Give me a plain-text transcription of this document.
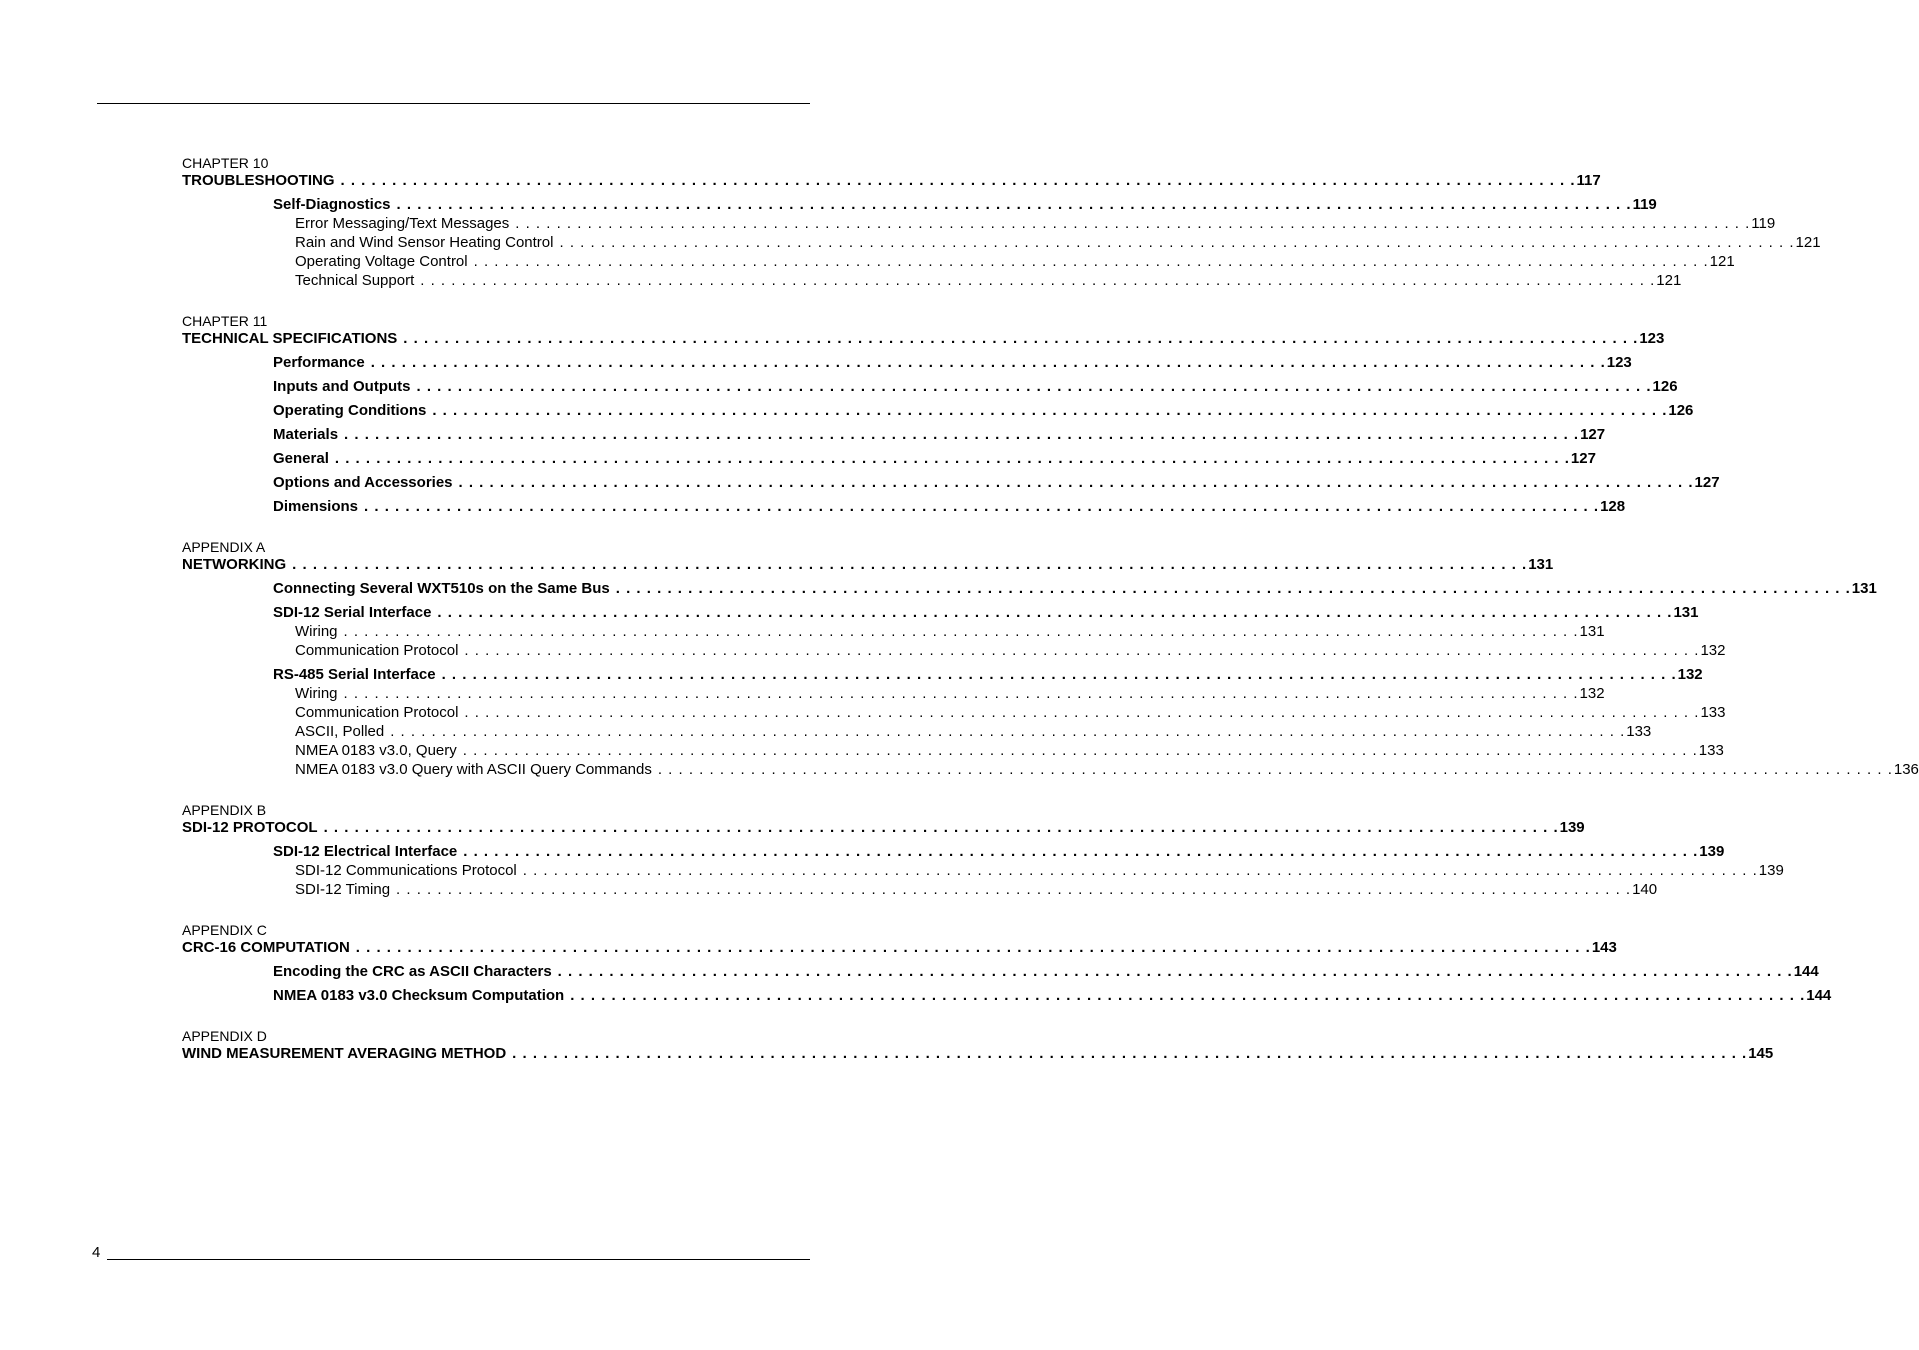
CHAPTER 10
TROUBLESHOOTING . . . . . . . . . . . . . . . . . . . . . . . . . . . . . . . . . . . . . . . . . . . . . . . . . . . . . . . . . . . . . . . . . . . . . . . . . . . . . . . . . . . . . . . . . . . . . . . . . . . . . . . . . . . . . . . . . . . . . . . . 117
Self-Diagnostics . . . . . . . . . . . . . . . . . . . . . . . . . . . . . . . . . . . . . . . . . . . . . . . . . . . . . . . . . . . . . . . . . . . . . . . . . . . . . . . . . . . . . . . . . . . . . . . . . . . . . . . . . . . . . . . . . . . . . . . . 119
Error Messaging/Text Messages . . . . . . . . . . . . . . . . . . . . . . . . . . . . . . . . . . . . . . . . . . . . . . . . . . . . . . . . . . . . . . . . . . . . . . . . . . . . . . . . . . . . . . . . . . . . . . . . . . . . . . . . . . . . . . . . . . . . . . . . 119
Rain and Wind Sensor Heating Control . . . . . . . . . . . . . . . . . . . . . . . . . . . . . . . . . . . . . . . . . . . . . . . . . . . . . . . . . . . . . . . . . . . . . . . . . . . . . . . . . . . . . . . . . . . . . . . . . . . . . . . . . . . . . . . . . . . . . . . . 121
Operating Voltage Control . . . . . . . . . . . . . . . . . . . . . . . . . . . . . . . . . . . . . . . . . . . . . . . . . . . . . . . . . . . . . . . . . . . . . . . . . . . . . . . . . . . . . . . . . . . . . . . . . . . . . . . . . . . . . . . . . . . . . . . . 121
Technical Support . . . . . . . . . . . . . . . . . . . . . . . . . . . . . . . . . . . . . . . . . . . . . . . . . . . . . . . . . . . . . . . . . . . . . . . . . . . . . . . . . . . . . . . . . . . . . . . . . . . . . . . . . . . . . . . . . . . . . . . . 121
CHAPTER 11
TECHNICAL SPECIFICATIONS . . . . . . . . . . . . . . . . . . . . . . . . . . . . . . . . . . . . . . . . . . . . . . . . . . . . . . . . . . . . . . . . . . . . . . . . . . . . . . . . . . . . . . . . . . . . . . . . . . . . . . . . . . . . . . . . . . . . . . . . 123
Performance . . . . . . . . . . . . . . . . . . . . . . . . . . . . . . . . . . . . . . . . . . . . . . . . . . . . . . . . . . . . . . . . . . . . . . . . . . . . . . . . . . . . . . . . . . . . . . . . . . . . . . . . . . . . . . . . . . . . . . . . 123
Inputs and Outputs . . . . . . . . . . . . . . . . . . . . . . . . . . . . . . . . . . . . . . . . . . . . . . . . . . . . . . . . . . . . . . . . . . . . . . . . . . . . . . . . . . . . . . . . . . . . . . . . . . . . . . . . . . . . . . . . . . . . . . . . 126
Operating Conditions . . . . . . . . . . . . . . . . . . . . . . . . . . . . . . . . . . . . . . . . . . . . . . . . . . . . . . . . . . . . . . . . . . . . . . . . . . . . . . . . . . . . . . . . . . . . . . . . . . . . . . . . . . . . . . . . . . . . . . . . 126
Materials . . . . . . . . . . . . . . . . . . . . . . . . . . . . . . . . . . . . . . . . . . . . . . . . . . . . . . . . . . . . . . . . . . . . . . . . . . . . . . . . . . . . . . . . . . . . . . . . . . . . . . . . . . . . . . . . . . . . . . . . 127
General . . . . . . . . . . . . . . . . . . . . . . . . . . . . . . . . . . . . . . . . . . . . . . . . . . . . . . . . . . . . . . . . . . . . . . . . . . . . . . . . . . . . . . . . . . . . . . . . . . . . . . . . . . . . . . . . . . . . . . . . 127
Options and Accessories . . . . . . . . . . . . . . . . . . . . . . . . . . . . . . . . . . . . . . . . . . . . . . . . . . . . . . . . . . . . . . . . . . . . . . . . . . . . . . . . . . . . . . . . . . . . . . . . . . . . . . . . . . . . . . . . . . . . . . . . 127
Dimensions . . . . . . . . . . . . . . . . . . . . . . . . . . . . . . . . . . . . . . . . . . . . . . . . . . . . . . . . . . . . . . . . . . . . . . . . . . . . . . . . . . . . . . . . . . . . . . . . . . . . . . . . . . . . . . . . . . . . . . . . 128
APPENDIX A
NETWORKING . . . . . . . . . . . . . . . . . . . . . . . . . . . . . . . . . . . . . . . . . . . . . . . . . . . . . . . . . . . . . . . . . . . . . . . . . . . . . . . . . . . . . . . . . . . . . . . . . . . . . . . . . . . . . . . . . . . . . . . . 131
Connecting Several WXT510s on the Same Bus . . . . . . . . . . . . . . . . . . . . . . . . . . . . . . . . . . . . . . . . . . . . . . . . . . . . . . . . . . . . . . . . . . . . . . . . . . . . . . . . . . . . . . . . . . . . . . . . . . . . . . . . . . . . . . . . . . . . . . . . 131
SDI-12 Serial Interface . . . . . . . . . . . . . . . . . . . . . . . . . . . . . . . . . . . . . . . . . . . . . . . . . . . . . . . . . . . . . . . . . . . . . . . . . . . . . . . . . . . . . . . . . . . . . . . . . . . . . . . . . . . . . . . . . . . . . . . . 131
Wiring . . . . . . . . . . . . . . . . . . . . . . . . . . . . . . . . . . . . . . . . . . . . . . . . . . . . . . . . . . . . . . . . . . . . . . . . . . . . . . . . . . . . . . . . . . . . . . . . . . . . . . . . . . . . . . . . . . . . . . . . 131
Communication Protocol . . . . . . . . . . . . . . . . . . . . . . . . . . . . . . . . . . . . . . . . . . . . . . . . . . . . . . . . . . . . . . . . . . . . . . . . . . . . . . . . . . . . . . . . . . . . . . . . . . . . . . . . . . . . . . . . . . . . . . . . 132
RS-485 Serial Interface . . . . . . . . . . . . . . . . . . . . . . . . . . . . . . . . . . . . . . . . . . . . . . . . . . . . . . . . . . . . . . . . . . . . . . . . . . . . . . . . . . . . . . . . . . . . . . . . . . . . . . . . . . . . . . . . . . . . . . . . 132
Wiring . . . . . . . . . . . . . . . . . . . . . . . . . . . . . . . . . . . . . . . . . . . . . . . . . . . . . . . . . . . . . . . . . . . . . . . . . . . . . . . . . . . . . . . . . . . . . . . . . . . . . . . . . . . . . . . . . . . . . . . . 132
Communication Protocol . . . . . . . . . . . . . . . . . . . . . . . . . . . . . . . . . . . . . . . . . . . . . . . . . . . . . . . . . . . . . . . . . . . . . . . . . . . . . . . . . . . . . . . . . . . . . . . . . . . . . . . . . . . . . . . . . . . . . . . . 133
ASCII, Polled . . . . . . . . . . . . . . . . . . . . . . . . . . . . . . . . . . . . . . . . . . . . . . . . . . . . . . . . . . . . . . . . . . . . . . . . . . . . . . . . . . . . . . . . . . . . . . . . . . . . . . . . . . . . . . . . . . . . . . . . 133
NMEA 0183 v3.0, Query . . . . . . . . . . . . . . . . . . . . . . . . . . . . . . . . . . . . . . . . . . . . . . . . . . . . . . . . . . . . . . . . . . . . . . . . . . . . . . . . . . . . . . . . . . . . . . . . . . . . . . . . . . . . . . . . . . . . . . . . 133
NMEA 0183 v3.0 Query with ASCII Query Commands . . . . . . . . . . . . . . . . . . . . . . . . . . . . . . . . . . . . . . . . . . . . . . . . . . . . . . . . . . . . . . . . . . . . . . . . . . . . . . . . . . . . . . . . . . . . . . . . . . . . . . . . . . . . . . . . . . . . . . . . 136
APPENDIX B
SDI-12 PROTOCOL . . . . . . . . . . . . . . . . . . . . . . . . . . . . . . . . . . . . . . . . . . . . . . . . . . . . . . . . . . . . . . . . . . . . . . . . . . . . . . . . . . . . . . . . . . . . . . . . . . . . . . . . . . . . . . . . . . . . . . . . 139
SDI-12 Electrical Interface . . . . . . . . . . . . . . . . . . . . . . . . . . . . . . . . . . . . . . . . . . . . . . . . . . . . . . . . . . . . . . . . . . . . . . . . . . . . . . . . . . . . . . . . . . . . . . . . . . . . . . . . . . . . . . . . . . . . . . . . 139
SDI-12 Communications Protocol . . . . . . . . . . . . . . . . . . . . . . . . . . . . . . . . . . . . . . . . . . . . . . . . . . . . . . . . . . . . . . . . . . . . . . . . . . . . . . . . . . . . . . . . . . . . . . . . . . . . . . . . . . . . . . . . . . . . . . . . 139
SDI-12 Timing . . . . . . . . . . . . . . . . . . . . . . . . . . . . . . . . . . . . . . . . . . . . . . . . . . . . . . . . . . . . . . . . . . . . . . . . . . . . . . . . . . . . . . . . . . . . . . . . . . . . . . . . . . . . . . . . . . . . . . . . 140
APPENDIX C
CRC-16 COMPUTATION . . . . . . . . . . . . . . . . . . . . . . . . . . . . . . . . . . . . . . . . . . . . . . . . . . . . . . . . . . . . . . . . . . . . . . . . . . . . . . . . . . . . . . . . . . . . . . . . . . . . . . . . . . . . . . . . . . . . . . . . 143
Encoding the CRC as ASCII Characters . . . . . . . . . . . . . . . . . . . . . . . . . . . . . . . . . . . . . . . . . . . . . . . . . . . . . . . . . . . . . . . . . . . . . . . . . . . . . . . . . . . . . . . . . . . . . . . . . . . . . . . . . . . . . . . . . . . . . . . . 144
NMEA 0183 v3.0 Checksum Computation . . . . . . . . . . . . . . . . . . . . . . . . . . . . . . . . . . . . . . . . . . . . . . . . . . . . . . . . . . . . . . . . . . . . . . . . . . . . . . . . . . . . . . . . . . . . . . . . . . . . . . . . . . . . . . . . . . . . . . . . 144
APPENDIX D
WIND MEASUREMENT AVERAGING METHOD . . . . . . . . . . . . . . . . . . . . . . . . . . . . . . . . . . . . . . . . . . . . . . . . . . . . . . . . . . . . . . . . . . . . . . . . . . . . . . . . . . . . . . . . . . . . . . . . . . . . . . . . . . . . . . . . . . . . . . . . 145
4
